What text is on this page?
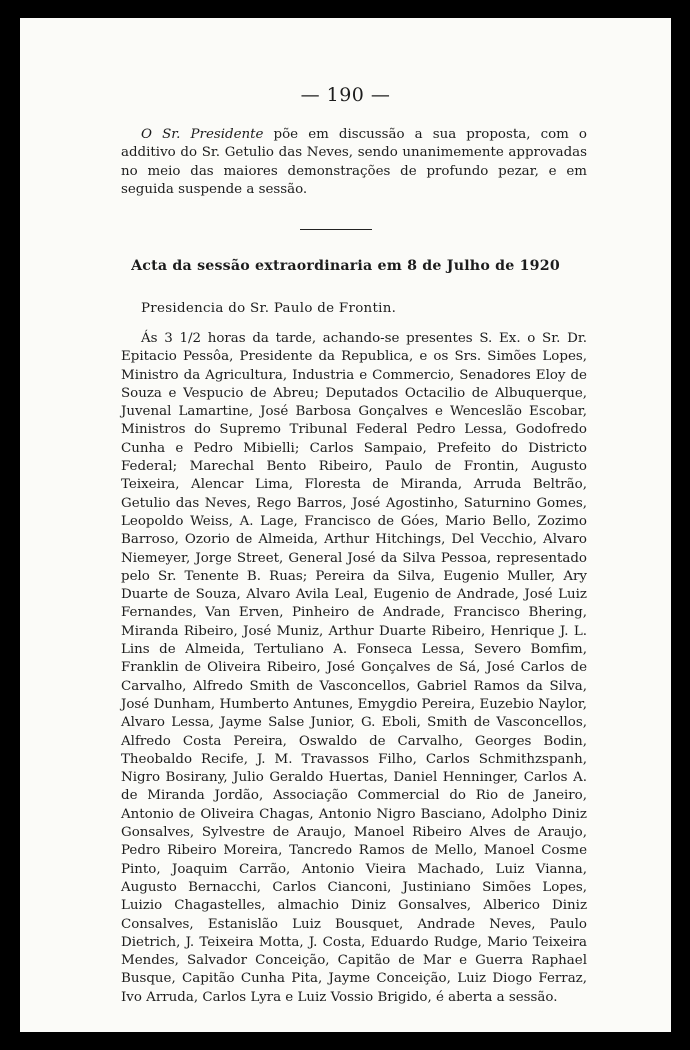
— 190 —

O Sr. Presidente põe em discussão a sua proposta, com o additivo do Sr. Getulio das Neves, sendo unanimemente approvadas no meio das maiores demonstrações de profundo pezar, e em seguida suspende a sessão.

Acta da sessão extraordinaria em 8 de Julho de 1920
Presidencia do Sr. Paulo de Frontin.

Ás 3 1/2 horas da tarde, achando-se presentes S. Ex. o Sr. Dr. Epitacio Pessôa, Presidente da Republica, e os Srs. Simões Lopes, Ministro da Agricultura, Industria e Commercio, Senadores Eloy de Souza e Vespucio de Abreu; Deputados Octacilio de Albuquerque, Juvenal Lamartine, José Barbosa Gonçalves e Wenceslão Escobar, Ministros do Supremo Tribunal Federal Pedro Lessa, Godofredo Cunha e Pedro Mibielli; Carlos Sampaio, Prefeito do Districto Federal; Marechal Bento Ribeiro, Paulo de Frontin, Augusto Teixeira, Alencar Lima, Floresta de Miranda, Arruda Beltrão, Getulio das Neves, Rego Barros, José Agostinho, Saturnino Gomes, Leopoldo Weiss, A. Lage, Francisco de Góes, Mario Bello, Zozimo Barroso, Ozorio de Almeida, Arthur Hitchings, Del Vecchio, Alvaro Niemeyer, Jorge Street, General José da Silva Pessoa, representado pelo Sr. Tenente B. Ruas; Pereira da Silva, Eugenio Muller, Ary Duarte de Souza, Alvaro Avila Leal, Eugenio de Andrade, José Luiz Fernandes, Van Erven, Pinheiro de Andrade, Francisco Bhering, Miranda Ribeiro, José Muniz, Arthur Duarte Ribeiro, Henrique J. L. Lins de Almeida, Tertuliano A. Fonseca Lessa, Severo Bomfim, Franklin de Oliveira Ribeiro, José Gonçalves de Sá, José Carlos de Carvalho, Alfredo Smith de Vasconcellos, Gabriel Ramos da Silva, José Dunham, Humberto Antunes, Emygdio Pereira, Euzebio Naylor, Alvaro Lessa, Jayme Salse Junior, G. Eboli, Smith de Vasconcellos, Alfredo Costa Pereira, Oswaldo de Carvalho, Georges Bodin, Theobaldo Recife, J. M. Travassos Filho, Carlos Schmithzspanh, Nigro Bosirany, Julio Geraldo Huertas, Daniel Henninger, Carlos A. de Miranda Jordão, Associação Commercial do Rio de Janeiro, Antonio de Oliveira Chagas, Antonio Nigro Basciano, Adolpho Diniz Gonsalves, Sylvestre de Araujo, Manoel Ribeiro Alves de Araujo, Pedro Ribeiro Moreira, Tancredo Ramos de Mello, Manoel Cosme Pinto, Joaquim Carrão, Antonio Vieira Machado, Luiz Vianna, Augusto Bernacchi, Carlos Cianconi, Justiniano Simões Lopes, Luizio Chagastelles, almachio Diniz Gonsalves, Alberico Diniz Consalves, Estanislão Luiz Bousquet, Andrade Neves, Paulo Dietrich, J. Teixeira Motta, J. Costa, Eduardo Rudge, Mario Teixeira Mendes, Salvador Conceição, Capitão de Mar e Guerra Raphael Busque, Capitão Cunha Pita, Jayme Conceição, Luiz Diogo Ferraz, Ivo Arruda, Carlos Lyra e Luiz Vossio Brigido, é aberta a sessão.
